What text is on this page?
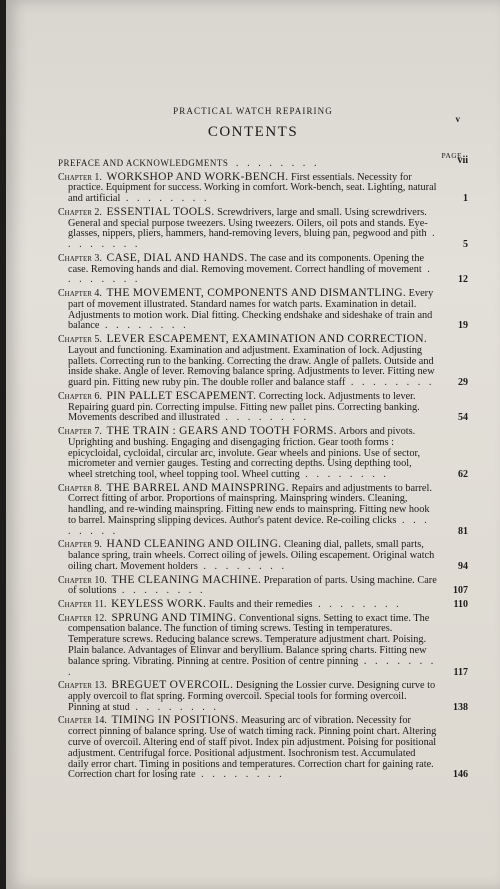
PRACTICAL WATCH REPAIRING
v
CONTENTS
PAGE
PREFACE AND ACKNOWLEDGMENTS . . . . . . . .	vii
Chapter 1. WORKSHOP AND WORK-BENCH. First essentials. Necessity for practice. Equipment for success. Working in comfort. Work-bench, seat. Lighting, natural and artificial . . . . . . . .	1
Chapter 2. ESSENTIAL TOOLS. Screwdrivers, large and small. Using screwdrivers. General and special purpose tweezers. Using tweezers. Oilers, oil pots and stands. Eye-glasses, nippers, pliers, hammers, hand-removing levers, bluing pan, pegwood and pith . . . . . . . .	5
Chapter 3. CASE, DIAL AND HANDS. The case and its components. Opening the case. Removing hands and dial. Removing movement. Correct handling of movement . . . . . . . .	12
Chapter 4. THE MOVEMENT, COMPONENTS AND DISMANTLING. Every part of movement illustrated. Standard names for watch parts. Examination in detail. Adjustments to motion work. Dial fitting. Checking endshake and sideshake of train and balance . . . . . . . .	19
Chapter 5. LEVER ESCAPEMENT, EXAMINATION AND CORRECTION. Layout and functioning. Examination and adjustment. Examination of lock. Adjusting pallets. Correcting run to the banking. Correcting the draw. Angle of pallets. Outside and inside shake. Angle of lever. Removing balance spring. Adjustments to lever. Fitting new guard pin. Fitting new ruby pin. The double roller and balance staff . . . . . . . .	29
Chapter 6. PIN PALLET ESCAPEMENT. Correcting lock. Adjustments to lever. Repairing guard pin. Correcting impulse. Fitting new pallet pins. Correcting banking. Movements described and illustrated . . . . . . . .	54
Chapter 7. THE TRAIN : GEARS AND TOOTH FORMS. Arbors and pivots. Uprighting and bushing. Engaging and disengaging friction. Gear tooth forms : epicycloidal, cycloidal, circular arc, involute. Gear wheels and pinions. Use of sector, micrometer and vernier gauges. Testing and correcting depths. Using depthing tool, wheel stretching tool, wheel topping tool. Wheel cutting . . . . . . . .	62
Chapter 8. THE BARREL AND MAINSPRING. Repairs and adjustments to barrel. Correct fitting of arbor. Proportions of mainspring. Mainspring winders. Cleaning, handling, and re-winding mainspring. Fitting new ends to mainspring. Fitting new hook to barrel. Mainspring slipping devices. Author's patent device. Re-coiling clicks . . . . . . . .	81
Chapter 9. HAND CLEANING AND OILING. Cleaning dial, pallets, small parts, balance spring, train wheels. Correct oiling of jewels. Oiling escapement. Original watch oiling chart. Movement holders . . . . . . . .	94
Chapter 10. THE CLEANING MACHINE. Preparation of parts. Using machine. Care of solutions . . . . . . . .	107
Chapter 11. KEYLESS WORK. Faults and their remedies . . . . . . . .	110
Chapter 12. SPRUNG AND TIMING. Conventional signs. Setting to exact time. The compensation balance. The function of timing screws. Testing in temperatures. Temperature screws. Reducing balance screws. Temperature adjustment chart. Poising. Plain balance. Advantages of Elinvar and beryllium. Balance spring charts. Fitting new balance spring. Vibrating. Pinning at centre. Position of centre pinning . . . . . . . .	117
Chapter 13. BREGUET OVERCOIL. Designing the Lossier curve. Designing curve to apply overcoil to flat spring. Forming overcoil. Special tools for forming overcoil. Pinning at stud . . . . . . . .	138
Chapter 14. TIMING IN POSITIONS. Measuring arc of vibration. Necessity for correct pinning of balance spring. Use of watch timing rack. Pinning point chart. Altering curve of overcoil. Altering end of staff pivot. Index pin adjustment. Poising for positional adjustment. Centrifugal force. Positional adjustment. Isochronism test. Accumulated daily error chart. Timing in positions and temperatures. Correction chart for gaining rate. Correction chart for losing rate . . . . . . . .	146
